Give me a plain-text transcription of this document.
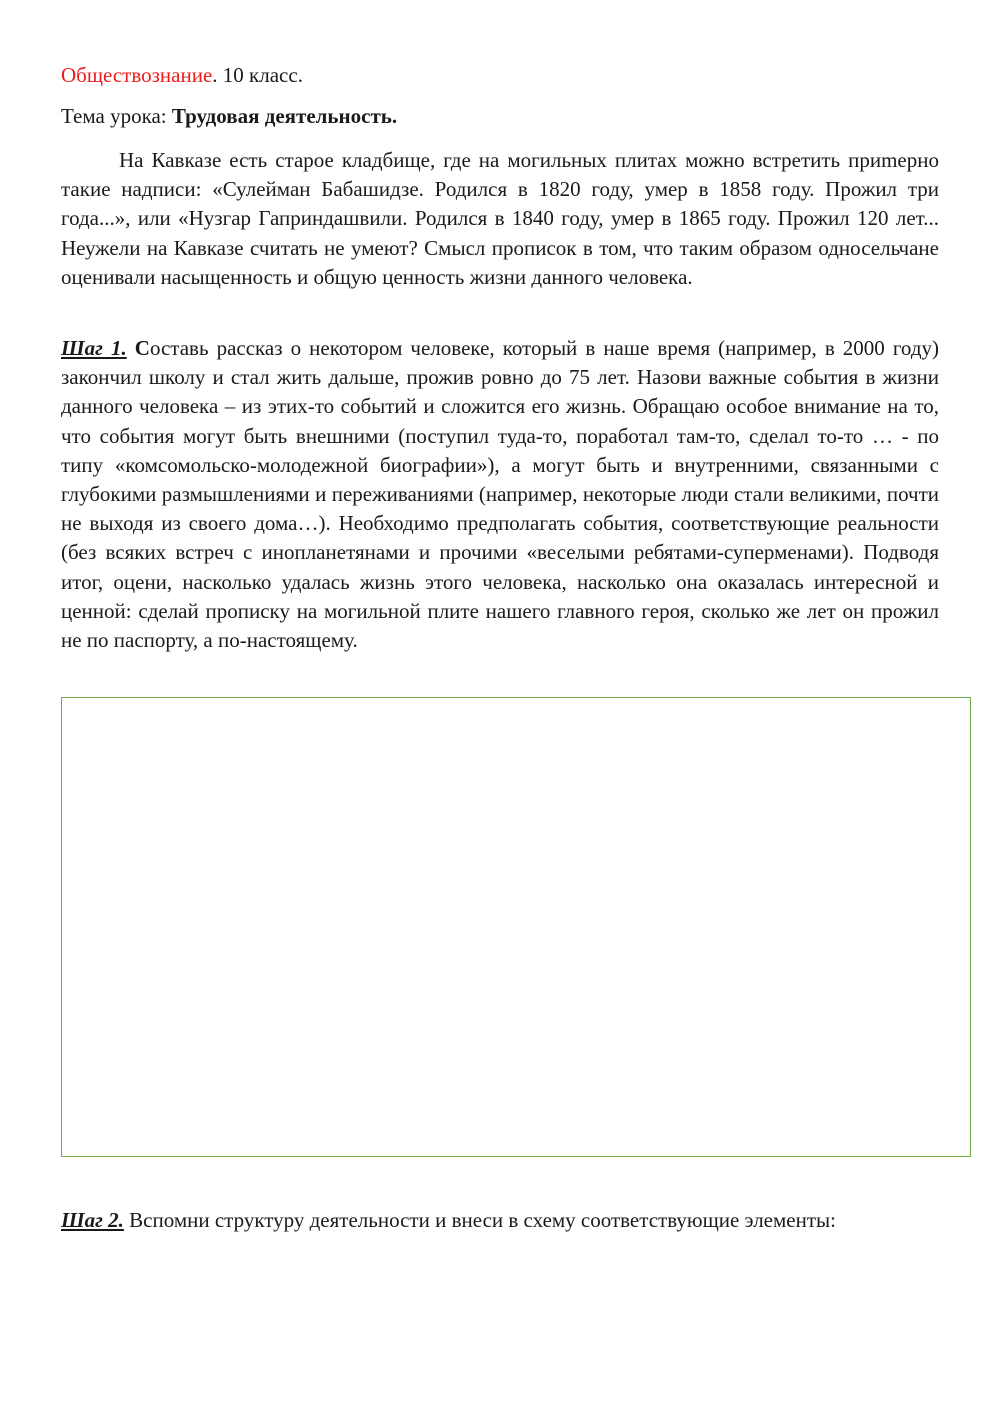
Обществознание. 10 класс.
Тема урока: Трудовая деятельность.
На Кавказе есть старое кладбище, где на могильных плитах можно встретить приmерно такие надписи: «Сулейман Бабашидзе. Родился в 1820 году, умер в 1858 году. Прожил три года...», или «Нузгар Гаприндашвили. Родился в 1840 году, умер в 1865 году. Прожил 120 лет... Неужели на Кавказе считать не умеют? Смысл прописок в том, что таким образом односельчане оценивали насыщенность и общую ценность жизни данного человека.
Шаг 1. Составь рассказ о некотором человеке, который в наше время (например, в 2000 году) закончил школу и стал жить дальше, прожив ровно до 75 лет. Назови важные события в жизни данного человека – из этих-то событий и сложится его жизнь. Обращаю особое внимание на то, что события могут быть внешними (поступил туда-то, поработал там-то, сделал то-то … - по типу «комсомольско-молодежной биографии»), а могут быть и внутренними, связанными с глубокими размышлениями и переживаниями (например, некоторые люди стали великими, почти не выходя из своего дома…). Необходимо предполагать события, соответствующие реальности (без всяких встреч с инопланетянами и прочими «веселыми ребятами-суперменами). Подводя итог, оцени, насколько удалась жизнь этого человека, насколько она оказалась интересной и ценной: сделай прописку на могильной плите нашего главного героя, сколько же лет он прожил не по паспорту, а по-настоящему.
Шаг 2. Вспомни структуру деятельности и внеси в схему соответствующие элементы:
